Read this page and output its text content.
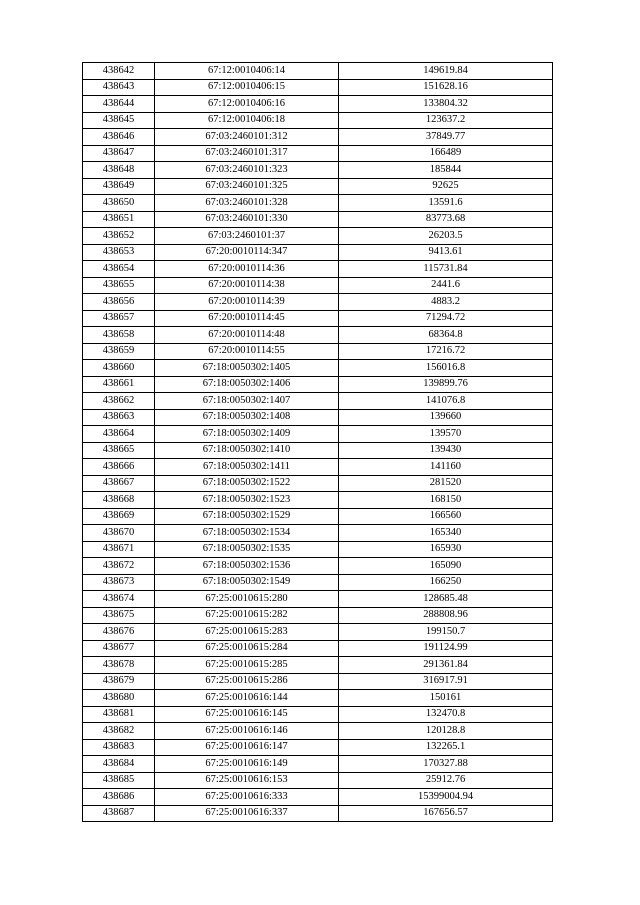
438642	67:12:0010406:14	149619.84
438643	67:12:0010406:15	151628.16
438644	67:12:0010406:16	133804.32
438645	67:12:0010406:18	123637.2
438646	67:03:2460101:312	37849.77
438647	67:03:2460101:317	166489
438648	67:03:2460101:323	185844
438649	67:03:2460101:325	92625
438650	67:03:2460101:328	13591.6
438651	67:03:2460101:330	83773.68
438652	67:03:2460101:37	26203.5
438653	67:20:0010114:347	9413.61
438654	67:20:0010114:36	115731.84
438655	67:20:0010114:38	2441.6
438656	67:20:0010114:39	4883.2
438657	67:20:0010114:45	71294.72
438658	67:20:0010114:48	68364.8
438659	67:20:0010114:55	17216.72
438660	67:18:0050302:1405	156016.8
438661	67:18:0050302:1406	139899.76
438662	67:18:0050302:1407	141076.8
438663	67:18:0050302:1408	139660
438664	67:18:0050302:1409	139570
438665	67:18:0050302:1410	139430
438666	67:18:0050302:1411	141160
438667	67:18:0050302:1522	281520
438668	67:18:0050302:1523	168150
438669	67:18:0050302:1529	166560
438670	67:18:0050302:1534	165340
438671	67:18:0050302:1535	165930
438672	67:18:0050302:1536	165090
438673	67:18:0050302:1549	166250
438674	67:25:0010615:280	128685.48
438675	67:25:0010615:282	288808.96
438676	67:25:0010615:283	199150.7
438677	67:25:0010615:284	191124.99
438678	67:25:0010615:285	291361.84
438679	67:25:0010615:286	316917.91
438680	67:25:0010616:144	150161
438681	67:25:0010616:145	132470.8
438682	67:25:0010616:146	120128.8
438683	67:25:0010616:147	132265.1
438684	67:25:0010616:149	170327.88
438685	67:25:0010616:153	25912.76
438686	67:25:0010616:333	15399004.94
438687	67:25:0010616:337	167656.57
